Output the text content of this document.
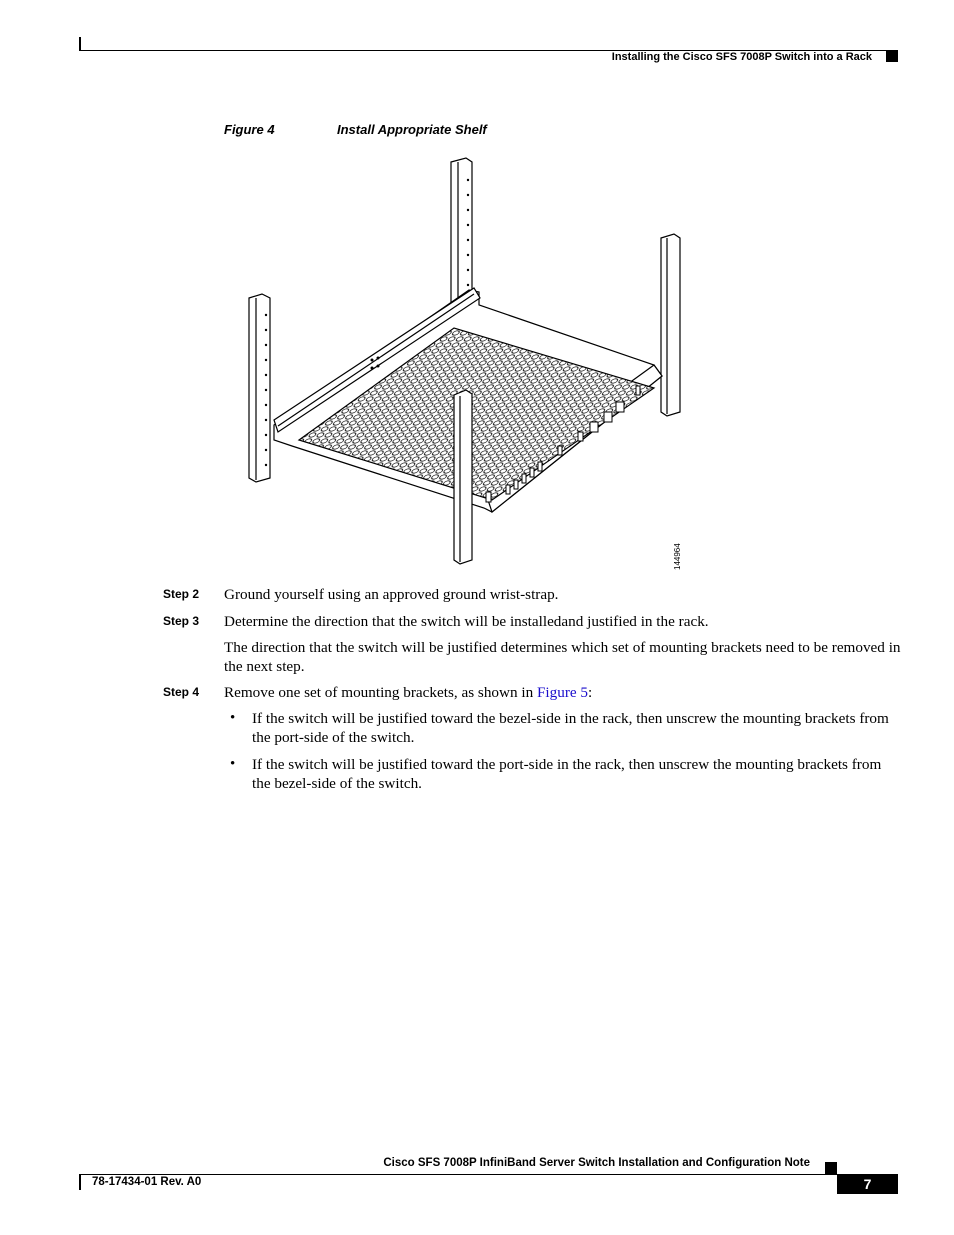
Installing the Cisco SFS 7008P Switch into a Rack
Figure 4	Install Appropriate Shelf
144964
Step 2 Ground yourself using an approved ground wrist-strap.
Step 3 Determine the direction that the switch will be installedand justified in the rack.
The direction that the switch will be justified determines which set of mounting brackets need to be removed in the next step.
Step 4 Remove one set of mounting brackets, as shown in Figure 5:
• If the switch will be justified toward the bezel-side in the rack, then unscrew the mounting brackets from the port-side of the switch.
• If the switch will be justified toward the port-side in the rack, then unscrew the mounting brackets from the bezel-side of the switch.
Cisco SFS 7008P InfiniBand Server Switch Installation and Configuration Note
78-17434-01 Rev. A0	7
